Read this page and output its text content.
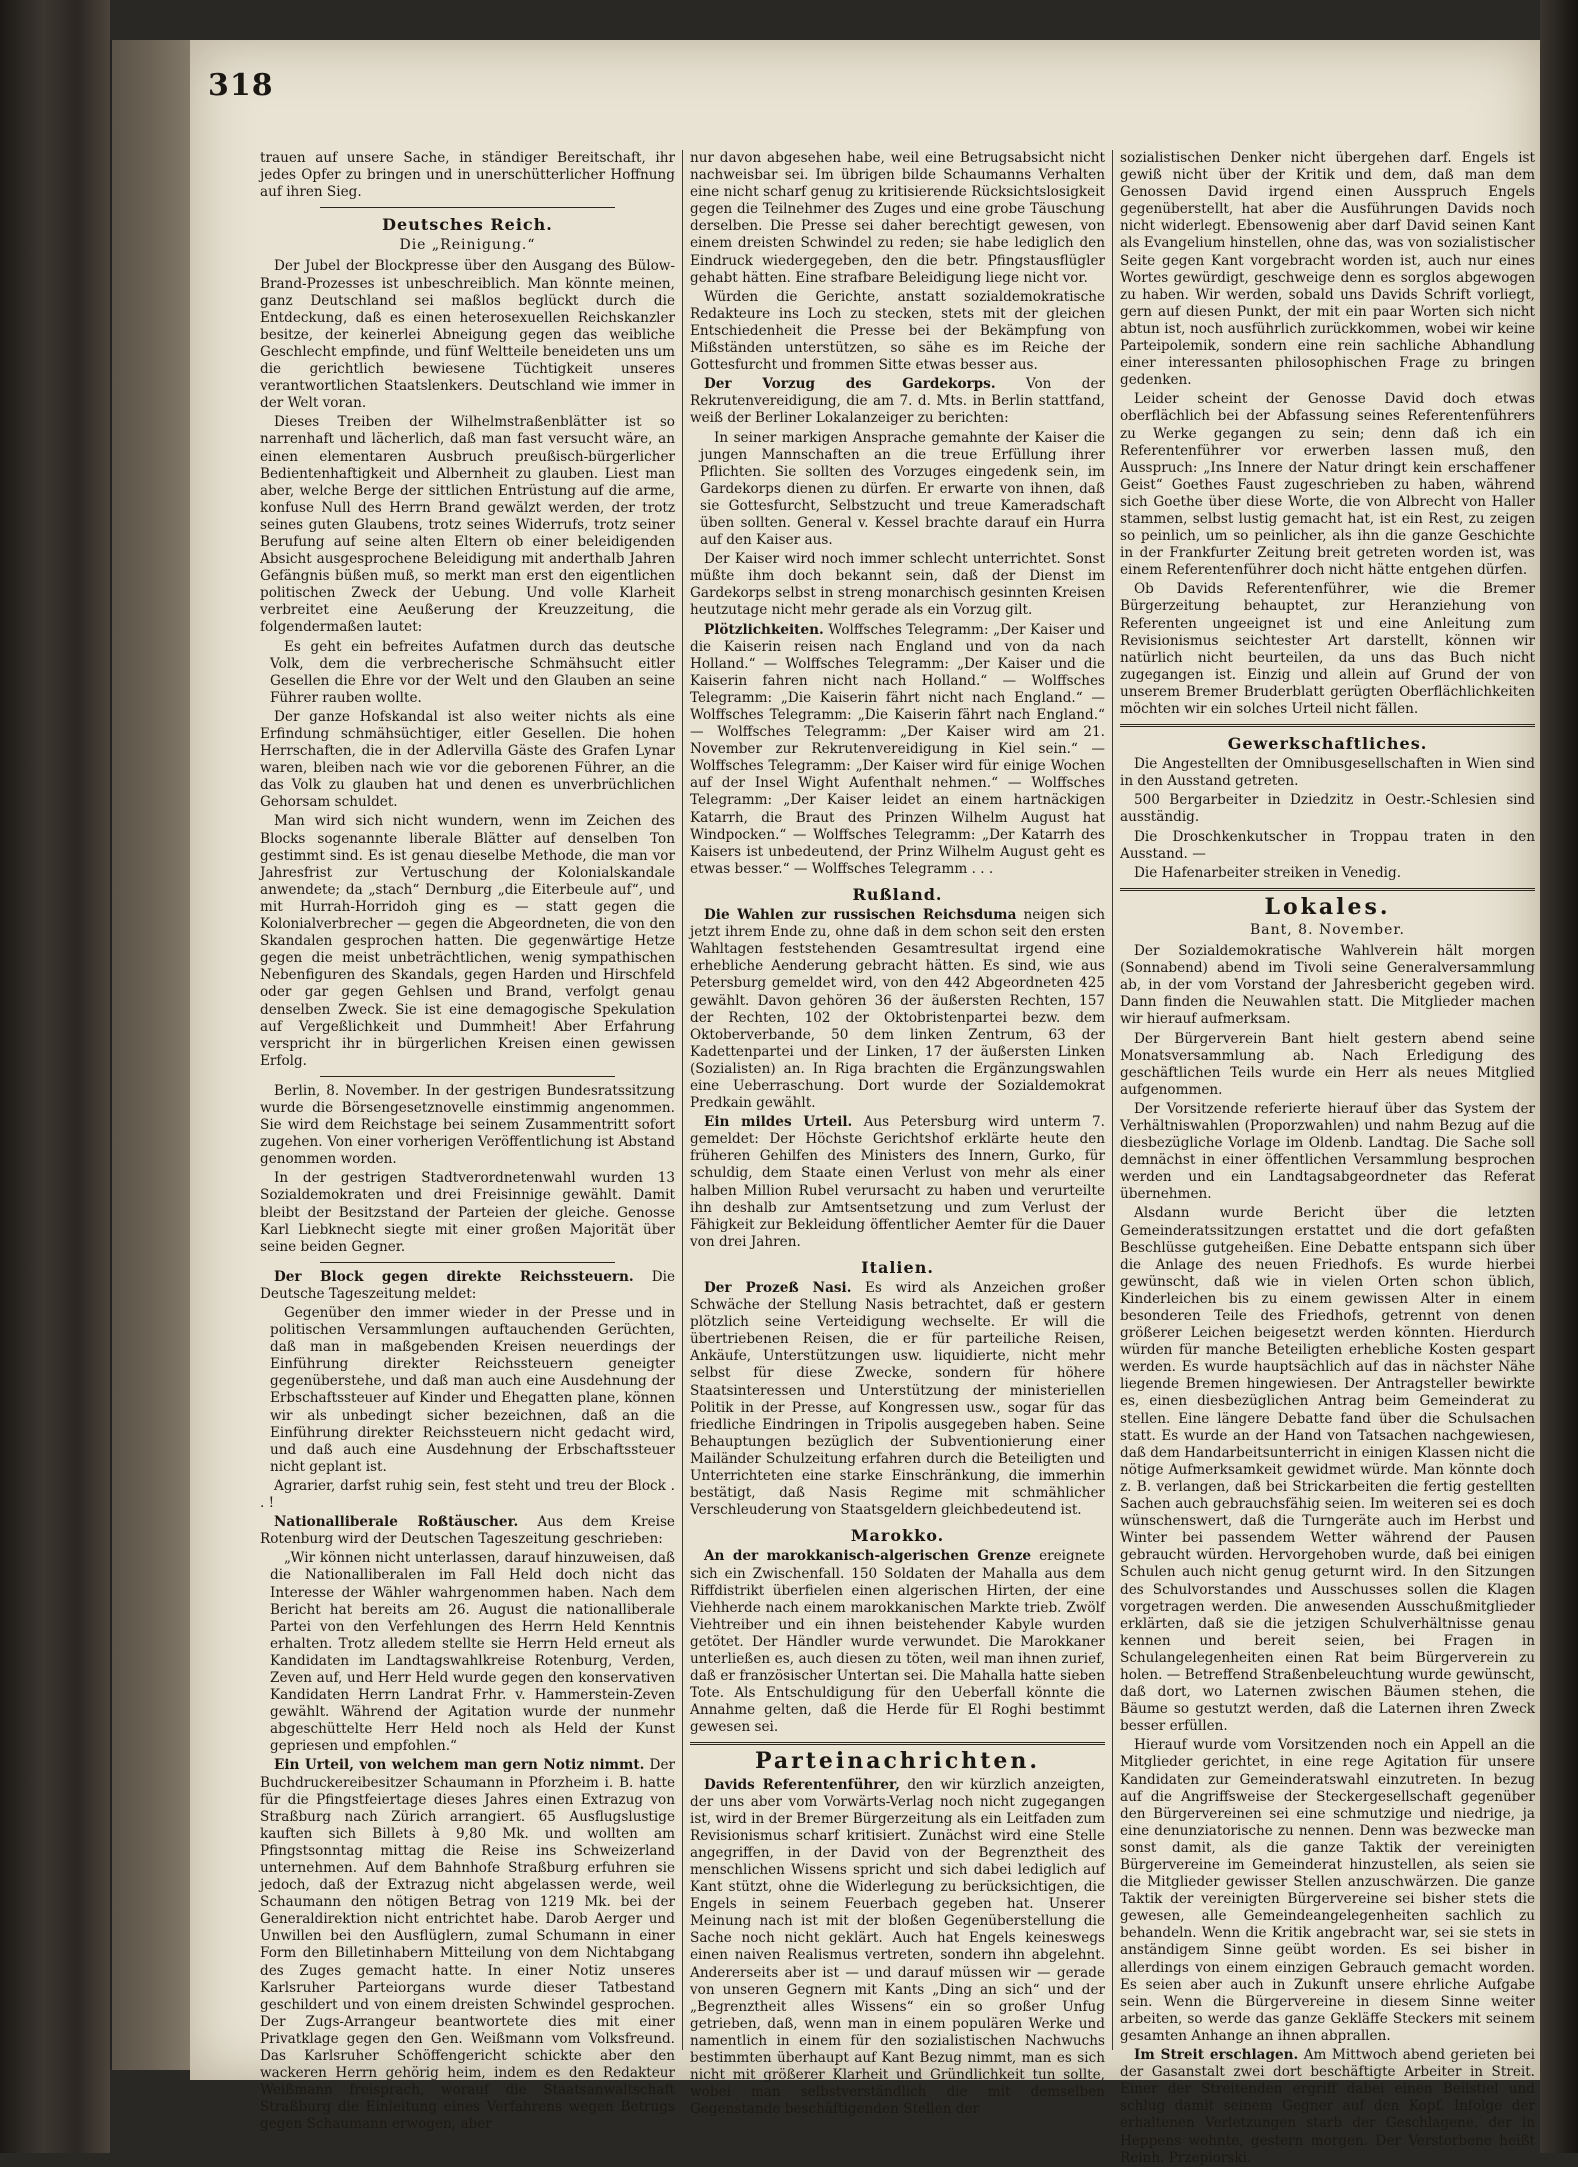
318

trauen auf unsere Sache, in ständiger Bereitschaft, ihr jedes Opfer zu bringen und in unerschütterlicher Hoffnung auf ihren Sieg.

Deutsches Reich.
Die „Reinigung.“

Der Jubel der Blockpresse über den Ausgang des Bülow-Brand-Prozesses ist unbeschreiblich. Man könnte meinen, ganz Deutschland sei maßlos beglückt durch die Entdeckung, daß es einen heterosexuellen Reichskanzler besitze, der keinerlei Abneigung gegen das weibliche Geschlecht empfinde, und fünf Weltteile beneideten uns um die gerichtlich bewiesene Tüchtigkeit unseres verantwortlichen Staatslenkers. Deutschland wie immer in der Welt voran.

Dieses Treiben der Wilhelmstraßenblätter ist so narrenhaft und lächerlich, daß man fast versucht wäre, an einen elementaren Ausbruch preußisch-bürgerlicher Bedientenhaftigkeit und Albernheit zu glauben. Liest man aber, welche Berge der sittlichen Entrüstung auf die arme, konfuse Null des Herrn Brand gewälzt werden, der trotz seines guten Glaubens, trotz seines Widerrufs, trotz seiner Berufung auf seine alten Eltern ob einer beleidigenden Absicht ausgesprochene Beleidigung mit anderthalb Jahren Gefängnis büßen muß, so merkt man erst den eigentlichen politischen Zweck der Uebung. Und volle Klarheit verbreitet eine Aeußerung der Kreuzzeitung, die folgendermaßen lautet:

Es geht ein befreites Aufatmen durch das deutsche Volk, dem die verbrecherische Schmähsucht eitler Gesellen die Ehre vor der Welt und den Glauben an seine Führer rauben wollte.

Der ganze Hofskandal ist also weiter nichts als eine Erfindung schmähsüchtiger, eitler Gesellen. Die hohen Herrschaften, die in der Adlervilla Gäste des Grafen Lynar waren, bleiben nach wie vor die geborenen Führer, an die das Volk zu glauben hat und denen es unverbrüchlichen Gehorsam schuldet.

Man wird sich nicht wundern, wenn im Zeichen des Blocks sogenannte liberale Blätter auf denselben Ton gestimmt sind. Es ist genau dieselbe Methode, die man vor Jahresfrist zur Vertuschung der Kolonialskandale anwendete; da „stach“ Dernburg „die Eiterbeule auf“, und mit Hurrah-Horridoh ging es — statt gegen die Kolonialverbrecher — gegen die Abgeordneten, die von den Skandalen gesprochen hatten. Die gegenwärtige Hetze gegen die meist unbeträchtlichen, wenig sympathischen Nebenfiguren des Skandals, gegen Harden und Hirschfeld oder gar gegen Gehlsen und Brand, verfolgt genau denselben Zweck. Sie ist eine demagogische Spekulation auf Vergeßlichkeit und Dummheit! Aber Erfahrung verspricht ihr in bürgerlichen Kreisen einen gewissen Erfolg.

Berlin, 8. November. In der gestrigen Bundesratssitzung wurde die Börsengesetznovelle einstimmig angenommen. Sie wird dem Reichstage bei seinem Zusammentritt sofort zugehen. Von einer vorherigen Veröffentlichung ist Abstand genommen worden.

In der gestrigen Stadtverordnetenwahl wurden 13 Sozialdemokraten und drei Freisinnige gewählt. Damit bleibt der Besitzstand der Parteien der gleiche. Genosse Karl Liebknecht siegte mit einer großen Majorität über seine beiden Gegner.

Der Block gegen direkte Reichssteuern. Die Deutsche Tageszeitung meldet:

Gegenüber den immer wieder in der Presse und in politischen Versammlungen auftauchenden Gerüchten, daß man in maßgebenden Kreisen neuerdings der Einführung direkter Reichssteuern geneigter gegenüberstehe, und daß man auch eine Ausdehnung der Erbschaftssteuer auf Kinder und Ehegatten plane, können wir als unbedingt sicher bezeichnen, daß an die Einführung direkter Reichssteuern nicht gedacht wird, und daß auch eine Ausdehnung der Erbschaftssteuer nicht geplant ist.

Agrarier, darfst ruhig sein, fest steht und treu der Block . . !

Nationalliberale Roßtäuscher. Aus dem Kreise Rotenburg wird der Deutschen Tageszeitung geschrieben:

„Wir können nicht unterlassen, darauf hinzuweisen, daß die Nationalliberalen im Fall Held doch nicht das Interesse der Wähler wahrgenommen haben. Nach dem Bericht hat bereits am 26. August die nationalliberale Partei von den Verfehlungen des Herrn Held Kenntnis erhalten. Trotz alledem stellte sie Herrn Held erneut als Kandidaten im Landtagswahlkreise Rotenburg, Verden, Zeven auf, und Herr Held wurde gegen den konservativen Kandidaten Herrn Landrat Frhr. v. Hammerstein-Zeven gewählt. Während der Agitation wurde der nunmehr abgeschüttelte Herr Held noch als Held der Kunst gepriesen und empfohlen.“

Ein Urteil, von welchem man gern Notiz nimmt. Der Buchdruckereibesitzer Schaumann in Pforzheim i. B. hatte für die Pfingstfeiertage dieses Jahres einen Extrazug von Straßburg nach Zürich arrangiert. 65 Ausflugslustige kauften sich Billets à 9,80 Mk. und wollten am Pfingstsonntag mittag die Reise ins Schweizerland unternehmen. Auf dem Bahnhofe Straßburg erfuhren sie jedoch, daß der Extrazug nicht abgelassen werde, weil Schaumann den nötigen Betrag von 1219 Mk. bei der Generaldirektion nicht entrichtet habe. Darob Aerger und Unwillen bei den Ausflüglern, zumal Schumann in einer Form den Billetinhabern Mitteilung von dem Nichtabgang des Zuges gemacht hatte. In einer Notiz unseres Karlsruher Parteiorgans wurde dieser Tatbestand geschildert und von einem dreisten Schwindel gesprochen. Der Zugs-Arrangeur beantwortete dies mit einer Privatklage gegen den Gen. Weißmann vom Volksfreund. Das Karlsruher Schöffengericht schickte aber den wackeren Herrn gehörig heim, indem es den Redakteur Weißmann freisprach, worauf die Staatsanwaltschaft Straßburg die Einleitung eines Verfahrens wegen Betrugs gegen Schaumann erwogen, aber

nur davon abgesehen habe, weil eine Betrugsabsicht nicht nachweisbar sei. Im übrigen bilde Schaumanns Verhalten eine nicht scharf genug zu kritisierende Rücksichtslosigkeit gegen die Teilnehmer des Zuges und eine grobe Täuschung derselben. Die Presse sei daher berechtigt gewesen, von einem dreisten Schwindel zu reden; sie habe lediglich den Eindruck wiedergegeben, den die betr. Pfingstausflügler gehabt hätten. Eine strafbare Beleidigung liege nicht vor.

Würden die Gerichte, anstatt sozialdemokratische Redakteure ins Loch zu stecken, stets mit der gleichen Entschiedenheit die Presse bei der Bekämpfung von Mißständen unterstützen, so sähe es im Reiche der Gottesfurcht und frommen Sitte etwas besser aus.

Der Vorzug des Gardekorps. Von der Rekrutenvereidigung, die am 7. d. Mts. in Berlin stattfand, weiß der Berliner Lokalanzeiger zu berichten:

In seiner markigen Ansprache gemahnte der Kaiser die jungen Mannschaften an die treue Erfüllung ihrer Pflichten. Sie sollten des Vorzuges eingedenk sein, im Gardekorps dienen zu dürfen. Er erwarte von ihnen, daß sie Gottesfurcht, Selbstzucht und treue Kameradschaft üben sollten. General v. Kessel brachte darauf ein Hurra auf den Kaiser aus.

Der Kaiser wird noch immer schlecht unterrichtet. Sonst müßte ihm doch bekannt sein, daß der Dienst im Gardekorps selbst in streng monarchisch gesinnten Kreisen heutzutage nicht mehr gerade als ein Vorzug gilt.

Plötzlichkeiten. Wolffsches Telegramm: „Der Kaiser und die Kaiserin reisen nach England und von da nach Holland.“ — Wolffsches Telegramm: „Der Kaiser und die Kaiserin fahren nicht nach Holland.“ — Wolffsches Telegramm: „Die Kaiserin fährt nicht nach England.“ — Wolffsches Telegramm: „Die Kaiserin fährt nach England.“ — Wolffsches Telegramm: „Der Kaiser wird am 21. November zur Rekrutenvereidigung in Kiel sein.“ — Wolffsches Telegramm: „Der Kaiser wird für einige Wochen auf der Insel Wight Aufenthalt nehmen.“ — Wolffsches Telegramm: „Der Kaiser leidet an einem hartnäckigen Katarrh, die Braut des Prinzen Wilhelm August hat Windpocken.“ — Wolffsches Telegramm: „Der Katarrh des Kaisers ist unbedeutend, der Prinz Wilhelm August geht es etwas besser.“ — Wolffsches Telegramm . . .

Rußland.

Die Wahlen zur russischen Reichsduma neigen sich jetzt ihrem Ende zu, ohne daß in dem schon seit den ersten Wahltagen feststehenden Gesamtresultat irgend eine erhebliche Aenderung gebracht hätten. Es sind, wie aus Petersburg gemeldet wird, von den 442 Abgeordneten 425 gewählt. Davon gehören 36 der äußersten Rechten, 157 der Rechten, 102 der Oktobristenpartei bezw. dem Oktoberverbande, 50 dem linken Zentrum, 63 der Kadettenpartei und der Linken, 17 der äußersten Linken (Sozialisten) an. In Riga brachten die Ergänzungswahlen eine Ueberraschung. Dort wurde der Sozialdemokrat Predkain gewählt.

Ein mildes Urteil. Aus Petersburg wird unterm 7. gemeldet: Der Höchste Gerichtshof erklärte heute den früheren Gehilfen des Ministers des Innern, Gurko, für schuldig, dem Staate einen Verlust von mehr als einer halben Million Rubel verursacht zu haben und verurteilte ihn deshalb zur Amtsentsetzung und zum Verlust der Fähigkeit zur Bekleidung öffentlicher Aemter für die Dauer von drei Jahren.

Italien.

Der Prozeß Nasi. Es wird als Anzeichen großer Schwäche der Stellung Nasis betrachtet, daß er gestern plötzlich seine Verteidigung wechselte. Er will die übertriebenen Reisen, die er für parteiliche Reisen, Ankäufe, Unterstützungen usw. liquidierte, nicht mehr selbst für diese Zwecke, sondern für höhere Staatsinteressen und Unterstützung der ministeriellen Politik in der Presse, auf Kongressen usw., sogar für das friedliche Eindringen in Tripolis ausgegeben haben. Seine Behauptungen bezüglich der Subventionierung einer Mailänder Schulzeitung erfahren durch die Beteiligten und Unterrichteten eine starke Einschränkung, die immerhin bestätigt, daß Nasis Regime mit schmählicher Verschleuderung von Staatsgeldern gleichbedeutend ist.

Marokko.

An der marokkanisch-algerischen Grenze ereignete sich ein Zwischenfall. 150 Soldaten der Mahalla aus dem Riffdistrikt überfielen einen algerischen Hirten, der eine Viehherde nach einem marokkanischen Markte trieb. Zwölf Viehtreiber und ein ihnen beistehender Kabyle wurden getötet. Der Händler wurde verwundet. Die Marokkaner unterließen es, auch diesen zu töten, weil man ihnen zurief, daß er französischer Untertan sei. Die Mahalla hatte sieben Tote. Als Entschuldigung für den Ueberfall könnte die Annahme gelten, daß die Herde für El Roghi bestimmt gewesen sei.

Parteinachrichten.

Davids Referentenführer, den wir kürzlich anzeigten, der uns aber vom Vorwärts-Verlag noch nicht zugegangen ist, wird in der Bremer Bürgerzeitung als ein Leitfaden zum Revisionismus scharf kritisiert. Zunächst wird eine Stelle angegriffen, in der David von der Begrenztheit des menschlichen Wissens spricht und sich dabei lediglich auf Kant stützt, ohne die Widerlegung zu berücksichtigen, die Engels in seinem Feuerbach gegeben hat. Unserer Meinung nach ist mit der bloßen Gegenüberstellung die Sache noch nicht geklärt. Auch hat Engels keineswegs einen naiven Realismus vertreten, sondern ihn abgelehnt. Andererseits aber ist — und darauf müssen wir — gerade von unseren Gegnern mit Kants „Ding an sich“ und der „Begrenztheit alles Wissens“ ein so großer Unfug getrieben, daß, wenn man in einem populären Werke und namentlich in einem für den sozialistischen Nachwuchs bestimmten überhaupt auf Kant Bezug nimmt, man es sich nicht mit größerer Klarheit und Gründlichkeit tun sollte, wobei man selbstverständlich die mit demselben Gegenstande beschäftigenden Stellen der

sozialistischen Denker nicht übergehen darf. Engels ist gewiß nicht über der Kritik und dem, daß man dem Genossen David irgend einen Ausspruch Engels gegenüberstellt, hat aber die Ausführungen Davids noch nicht widerlegt. Ebensowenig aber darf David seinen Kant als Evangelium hinstellen, ohne das, was von sozialistischer Seite gegen Kant vorgebracht worden ist, auch nur eines Wortes gewürdigt, geschweige denn es sorglos abgewogen zu haben. Wir werden, sobald uns Davids Schrift vorliegt, gern auf diesen Punkt, der mit ein paar Worten sich nicht abtun ist, noch ausführlich zurückkommen, wobei wir keine Parteipolemik, sondern eine rein sachliche Abhandlung einer interessanten philosophischen Frage zu bringen gedenken.

Leider scheint der Genosse David doch etwas oberflächlich bei der Abfassung seines Referentenführers zu Werke gegangen zu sein; denn daß ich ein Referentenführer vor erwerben lassen muß, den Ausspruch: „Ins Innere der Natur dringt kein erschaffener Geist“ Goethes Faust zugeschrieben zu haben, während sich Goethe über diese Worte, die von Albrecht von Haller stammen, selbst lustig gemacht hat, ist ein Rest, zu zeigen so peinlich, um so peinlicher, als ihn die ganze Geschichte in der Frankfurter Zeitung breit getreten worden ist, was einem Referentenführer doch nicht hätte entgehen dürfen.

Ob Davids Referentenführer, wie die Bremer Bürgerzeitung behauptet, zur Heranziehung von Referenten ungeeignet ist und eine Anleitung zum Revisionismus seichtester Art darstellt, können wir natürlich nicht beurteilen, da uns das Buch nicht zugegangen ist. Einzig und allein auf Grund der von unserem Bremer Bruderblatt gerügten Oberflächlichkeiten möchten wir ein solches Urteil nicht fällen.

Gewerkschaftliches.

Die Angestellten der Omnibusgesellschaften in Wien sind in den Ausstand getreten.

500 Bergarbeiter in Dziedzitz in Oestr.-Schlesien sind ausständig.

Die Droschkenkutscher in Troppau traten in den Ausstand. —

Die Hafenarbeiter streiken in Venedig.

Lokales.
Bant, 8. November.

Der Sozialdemokratische Wahlverein hält morgen (Sonnabend) abend im Tivoli seine Generalversammlung ab, in der vom Vorstand der Jahresbericht gegeben wird. Dann finden die Neuwahlen statt. Die Mitglieder machen wir hierauf aufmerksam.

Der Bürgerverein Bant hielt gestern abend seine Monatsversammlung ab. Nach Erledigung des geschäftlichen Teils wurde ein Herr als neues Mitglied aufgenommen.

Der Vorsitzende referierte hierauf über das System der Verhältniswahlen (Proporzwahlen) und nahm Bezug auf die diesbezügliche Vorlage im Oldenb. Landtag. Die Sache soll demnächst in einer öffentlichen Versammlung besprochen werden und ein Landtagsabgeordneter das Referat übernehmen.

Alsdann wurde Bericht über die letzten Gemeinderatssitzungen erstattet und die dort gefaßten Beschlüsse gutgeheißen. Eine Debatte entspann sich über die Anlage des neuen Friedhofs. Es wurde hierbei gewünscht, daß wie in vielen Orten schon üblich, Kinderleichen bis zu einem gewissen Alter in einem besonderen Teile des Friedhofs, getrennt von denen größerer Leichen beigesetzt werden könnten. Hierdurch würden für manche Beteiligten erhebliche Kosten gespart werden. Es wurde hauptsächlich auf das in nächster Nähe liegende Bremen hingewiesen. Der Antragsteller bewirkte es, einen diesbezüglichen Antrag beim Gemeinderat zu stellen. Eine längere Debatte fand über die Schulsachen statt. Es wurde an der Hand von Tatsachen nachgewiesen, daß dem Handarbeitsunterricht in einigen Klassen nicht die nötige Aufmerksamkeit gewidmet würde. Man könnte doch z. B. verlangen, daß bei Strickarbeiten die fertig gestellten Sachen auch gebrauchsfähig seien. Im weiteren sei es doch wünschenswert, daß die Turngeräte auch im Herbst und Winter bei passendem Wetter während der Pausen gebraucht würden. Hervorgehoben wurde, daß bei einigen Schulen auch nicht genug geturnt wird. In den Sitzungen des Schulvorstandes und Ausschusses sollen die Klagen vorgetragen werden. Die anwesenden Ausschußmitglieder erklärten, daß sie die jetzigen Schulverhältnisse genau kennen und bereit seien, bei Fragen in Schulangelegenheiten einen Rat beim Bürgerverein zu holen. — Betreffend Straßenbeleuchtung wurde gewünscht, daß dort, wo Laternen zwischen Bäumen stehen, die Bäume so gestutzt werden, daß die Laternen ihren Zweck besser erfüllen.

Hierauf wurde vom Vorsitzenden noch ein Appell an die Mitglieder gerichtet, in eine rege Agitation für unsere Kandidaten zur Gemeinderatswahl einzutreten. In bezug auf die Angriffsweise der Steckergesellschaft gegenüber den Bürgervereinen sei eine schmutzige und niedrige, ja eine denunziatorische zu nennen. Denn was bezwecke man sonst damit, als die ganze Taktik der vereinigten Bürgervereine im Gemeinderat hinzustellen, als seien sie die Mitglieder gewisser Stellen anzuschwärzen. Die ganze Taktik der vereinigten Bürgervereine sei bisher stets die gewesen, alle Gemeindeangelegenheiten sachlich zu behandeln. Wenn die Kritik angebracht war, sei sie stets in anständigem Sinne geübt worden. Es sei bisher in allerdings von einem einzigen Gebrauch gemacht worden. Es seien aber auch in Zukunft unsere ehrliche Aufgabe sein. Wenn die Bürgervereine in diesem Sinne weiter arbeiten, so werde das ganze Gekläffe Steckers mit seinem gesamten Anhange an ihnen abprallen.

Im Streit erschlagen. Am Mittwoch abend gerieten bei der Gasanstalt zwei dort beschäftigte Arbeiter in Streit. Einer der Streitenden ergriff dabei einen Beilstiel und schlug damit seinem Gegner auf den Kopf. Infolge der erhaltenen Verletzungen starb der Geschlagene, der in Heppens wohnte, gestern morgen. Der Verstorbene heißt Reinh. Przepiorski.
